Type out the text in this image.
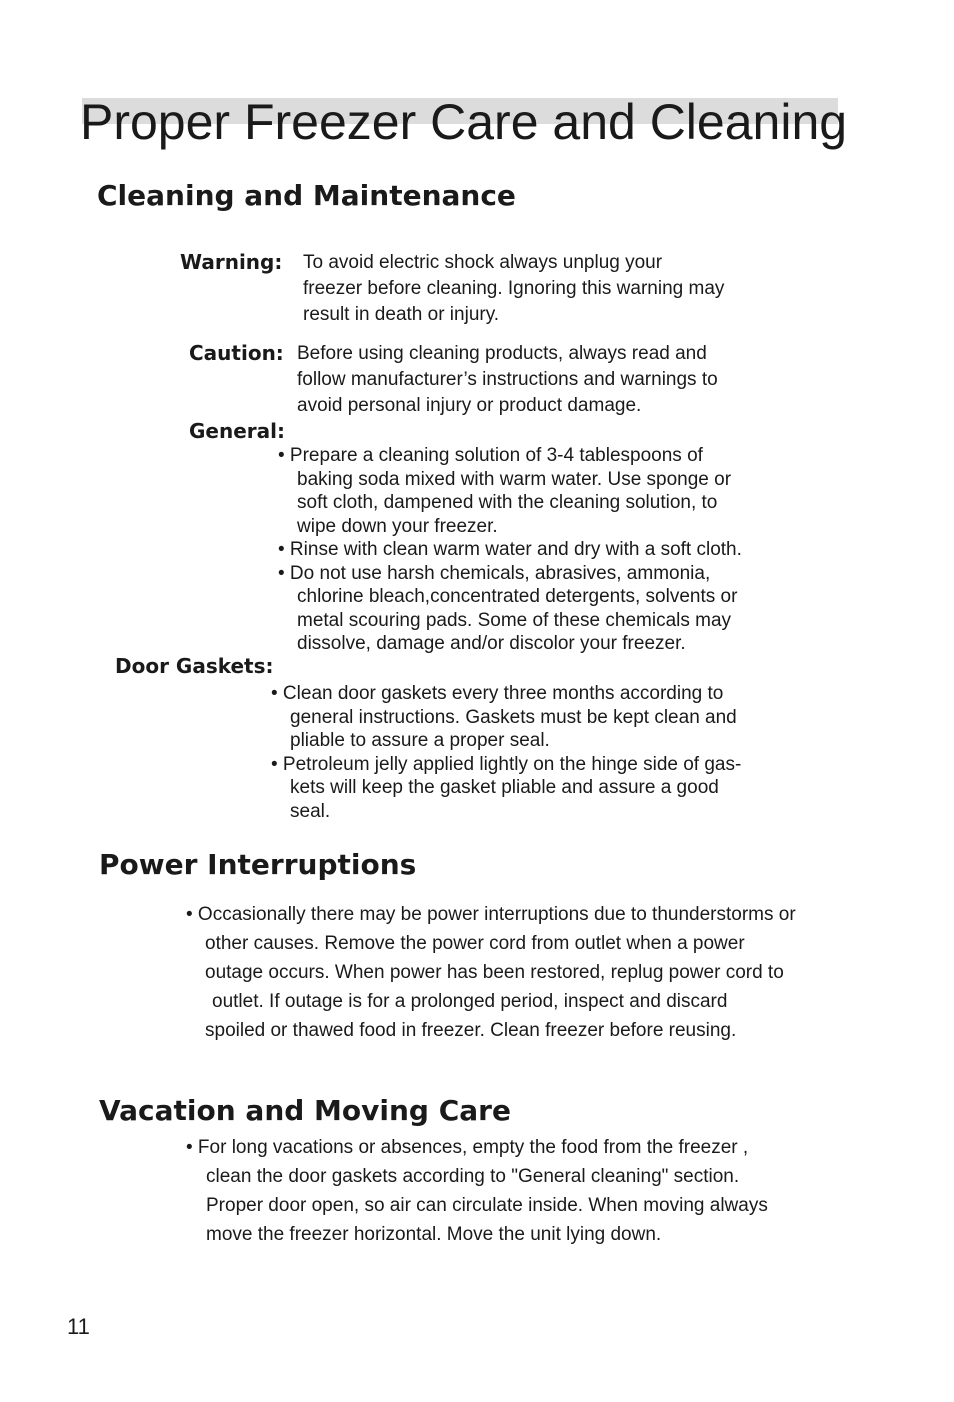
Proper Freezer Care and Cleaning
Cleaning and Maintenance
Warning: To avoid electric shock always unplug your
freezer before cleaning. Ignoring this warning may
result in death or injury.
Caution: Before using cleaning products, always read and
follow manufacturer’s instructions and warnings to
avoid personal injury or product damage.
General:
• Prepare a cleaning solution of 3-4 tablespoons of
baking soda mixed with warm water. Use sponge or
soft cloth, dampened with the cleaning solution, to
wipe down your freezer.
• Rinse with clean warm water and dry with a soft cloth.
• Do not use harsh chemicals, abrasives, ammonia,
chlorine bleach,concentrated detergents, solvents or
metal scouring pads. Some of these chemicals may
dissolve, damage and/or discolor your freezer.
Door Gaskets:
• Clean door gaskets every three months according to
general instructions. Gaskets must be kept clean and
pliable to assure a proper seal.
• Petroleum jelly applied lightly on the hinge side of gas-
kets will keep the gasket pliable and assure a good
seal.
Power Interruptions
• Occasionally there may be power interruptions due to thunderstorms or
other causes. Remove the power cord from outlet when a power
outage occurs. When power has been restored, replug power cord to
outlet. If outage is for a prolonged period, inspect and discard
spoiled or thawed food in freezer. Clean freezer before reusing.
Vacation and Moving Care
• For long vacations or absences, empty the food from the freezer ,
clean the door gaskets according to "General cleaning" section.
Proper door open, so air can circulate inside. When moving always
move the freezer horizontal. Move the unit lying down.
11
